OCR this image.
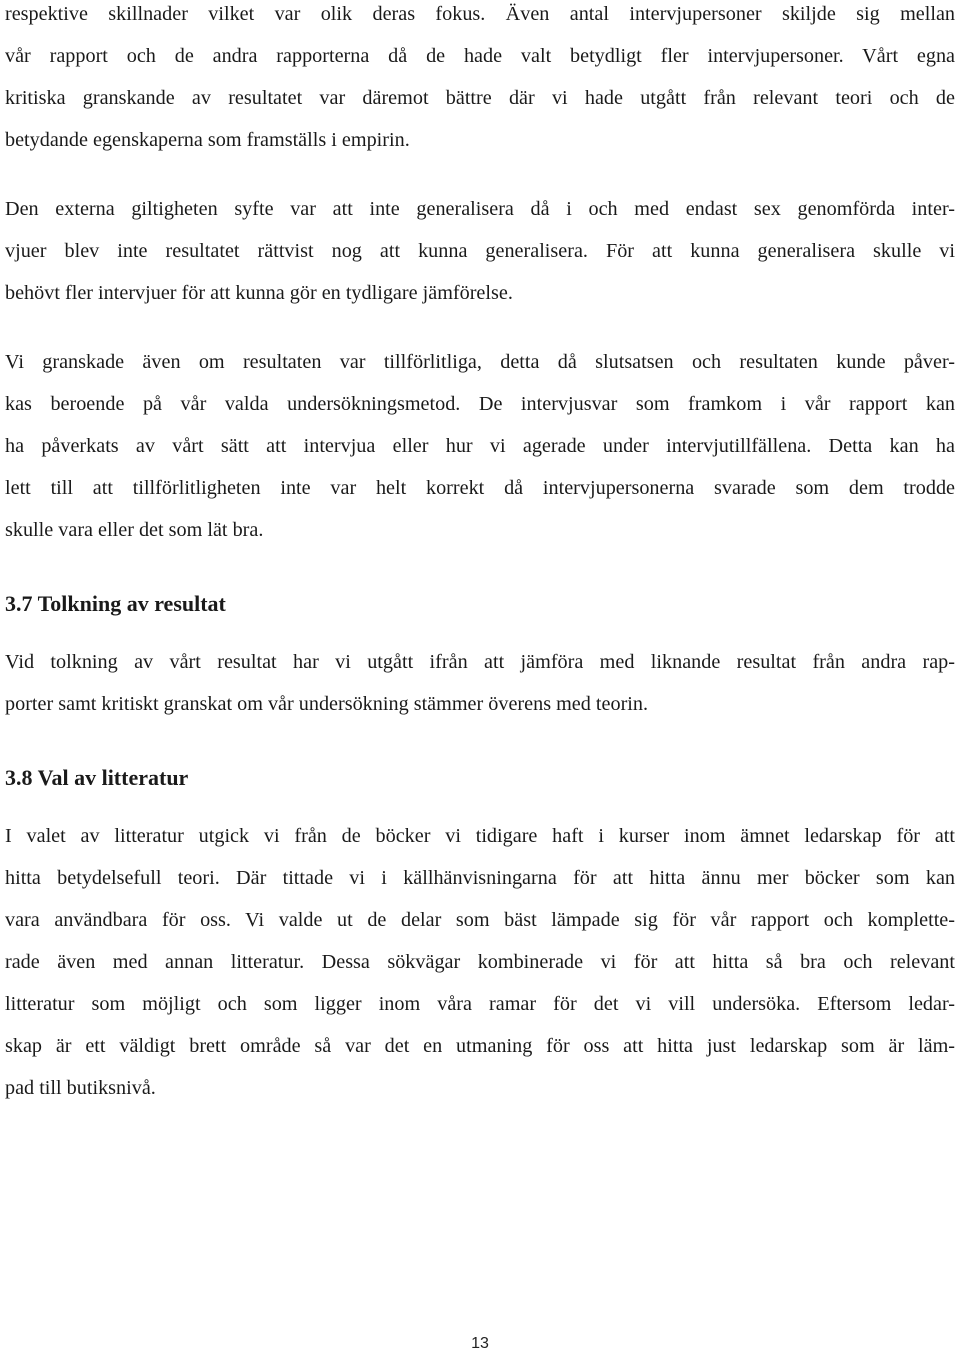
respektive skillnader vilket var olik deras fokus. Även antal intervjupersoner skiljde sig mellan
vår rapport och de andra rapporterna då de hade valt betydligt fler intervjupersoner. Vårt egna
kritiska granskande av resultatet var däremot bättre där vi hade utgått från relevant teori och de
betydande egenskaperna som framställs i empirin.
Den externa giltigheten syfte var att inte generalisera då i och med endast sex genomförda inter-
vjuer blev inte resultatet rättvist nog att kunna generalisera. För att kunna generalisera skulle vi
behövt fler intervjuer för att kunna gör en tydligare jämförelse.
Vi granskade även om resultaten var tillförlitliga, detta då slutsatsen och resultaten kunde påver-
kas beroende på vår valda undersökningsmetod. De intervjusvar som framkom i vår rapport kan
ha påverkats av vårt sätt att intervjua eller hur vi agerade under intervjutillfällena. Detta kan ha
lett till att tillförlitligheten inte var helt korrekt då intervjupersonerna svarade som dem trodde
skulle vara eller det som lät bra.
3.7 Tolkning av resultat
Vid tolkning av vårt resultat har vi utgått ifrån att jämföra med liknande resultat från andra rap-
porter samt kritiskt granskat om vår undersökning stämmer överens med teorin.
3.8 Val av litteratur
I valet av litteratur utgick vi från de böcker vi tidigare haft i kurser inom ämnet ledarskap för att
hitta betydelsefull teori. Där tittade vi i källhänvisningarna för att hitta ännu mer böcker som kan
vara användbara för oss. Vi valde ut de delar som bäst lämpade sig för vår rapport och komplette-
rade även med annan litteratur. Dessa sökvägar kombinerade vi för att hitta så bra och relevant
litteratur som möjligt och som ligger inom våra ramar för det vi vill undersöka. Eftersom ledar-
skap är ett väldigt brett område så var det en utmaning för oss att hitta just ledarskap som är läm-
pad till butiksnivå.
13
